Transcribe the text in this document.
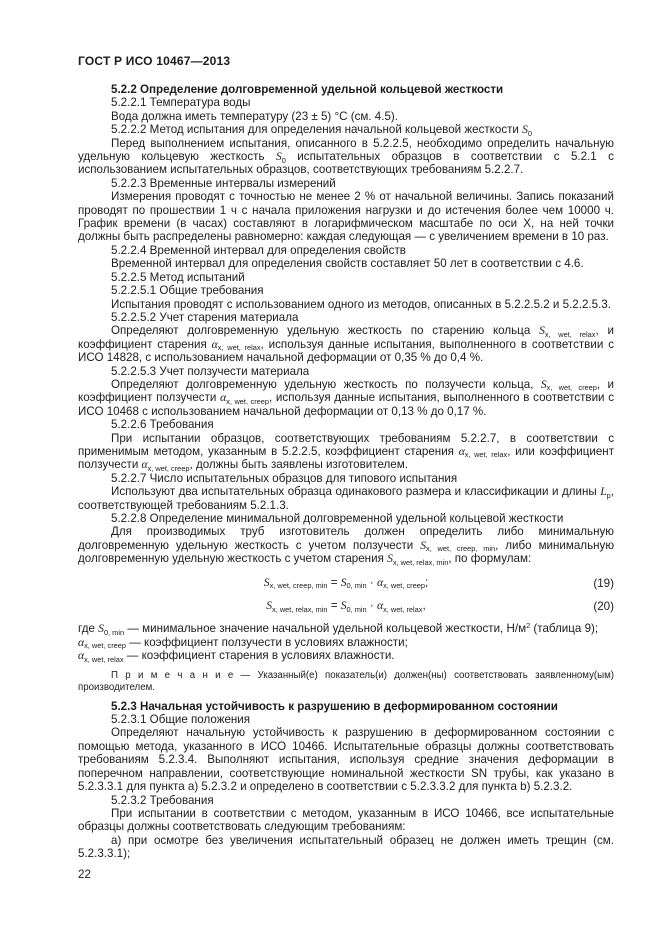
ГОСТ Р ИСО 10467—2013

5.2.2 Определение долговременной удельной кольцевой жесткости

5.2.2.1 Температура воды

Вода должна иметь температуру (23 ± 5) °С (см. 4.5).

5.2.2.2 Метод испытания для определения начальной кольцевой жесткости $S_0$

Перед выполнением испытания, описанного в 5.2.2.5, необходимо определить начальную удельную кольцевую жесткость $S_0$ испытательных образцов в соответствии с 5.2.1 с использованием испытательных образцов, соответствующих требованиям 5.2.2.7.

5.2.2.3 Временные интервалы измерений

Измерения проводят с точностью не менее 2 % от начальной величины. Запись показаний проводят по прошествии 1 ч с начала приложения нагрузки и до истечения более чем 10000 ч. График времени (в часах) составляют в логарифмическом масштабе по оси X, на ней точки должны быть распределены равномерно: каждая следующая — с увеличением времени в 10 раз.

5.2.2.4 Временной интервал для определения свойств

Временной интервал для определения свойств составляет 50 лет в соответствии с 4.6.

5.2.2.5 Метод испытаний

5.2.2.5.1 Общие требования

Испытания проводят с использованием одного из методов, описанных в 5.2.2.5.2 и 5.2.2.5.3.

5.2.2.5.2 Учет старения материала

Определяют долговременную удельную жесткость по старению кольца $S_{x, wet, relax}$, и коэффициент старения $\alpha_{x, wet, relax}$, используя данные испытания, выполненного в соответствии с ИСО 14828, с использованием начальной деформации от 0,35 % до 0,4 %.

5.2.2.5.3 Учет ползучести материала

Определяют долговременную удельную жесткость по ползучести кольца, $S_{x, wet, creep}$, и коэффициент ползучести $\alpha_{x, wet, creep}$, используя данные испытания, выполненного в соответствии с ИСО 10468 с использованием начальной деформации от 0,13 % до 0,17 %.

5.2.2.6 Требования

При испытании образцов, соответствующих требованиям 5.2.2.7, в соответствии с применимым методом, указанным в 5.2.2.5, коэффициент старения $\alpha_{x, wet, relax}$, или коэффициент ползучести $\alpha_{x, wet, creep}$, должны быть заявлены изготовителем.

5.2.2.7 Число испытательных образцов для типового испытания

Используют два испытательных образца одинакового размера и классификации и длины $L_p$, соответствующей требованиям 5.2.1.3.

5.2.2.8 Определение минимальной долговременной удельной кольцевой жесткости

Для производимых труб изготовитель должен определить либо минимальную долговременную удельную жесткость с учетом ползучести $S_{x, wet, creep, min}$, либо минимальную долговременную удельную жесткость с учетом старения $S_{x, wet, relax, min}$, по формулам:

$S_{x, wet, creep, min} = S_{0, min} \cdot \alpha_{x, wet, creep}$;	(19)

$S_{x, wet, relax, min} = S_{0, min} \cdot \alpha_{x, wet, relax}$,	(20)

где $S_{0, min}$ — минимальное значение начальной удельной кольцевой жесткости, $Н/м^2$ (таблица 9);

$\alpha_{x, wet, creep}$ — коэффициент ползучести в условиях влажности;

$\alpha_{x, wet, relax}$ — коэффициент старения в условиях влажности.

П р и м е ч а н и е — Указанный(е) показатель(и) должен(ны) соответствовать заявленному(ым) производителем.

5.2.3 Начальная устойчивость к разрушению в деформированном состоянии

5.2.3.1 Общие положения

Определяют начальную устойчивость к разрушению в деформированном состоянии с помощью метода, указанного в ИСО 10466. Испытательные образцы должны соответствовать требованиям 5.2.3.4. Выполняют испытания, используя средние значения деформации в поперечном направлении, соответствующие номинальной жесткости SN трубы, как указано в 5.2.3.3.1 для пункта а) 5.2.3.2 и определено в соответствии с 5.2.3.3.2 для пункта b) 5.2.3.2.

5.2.3.2 Требования

При испытании в соответствии с методом, указанным в ИСО 10466, все испытательные образцы должны соответствовать следующим требованиям:

а) при осмотре без увеличения испытательный образец не должен иметь трещин (см. 5.2.3.3.1);

22
